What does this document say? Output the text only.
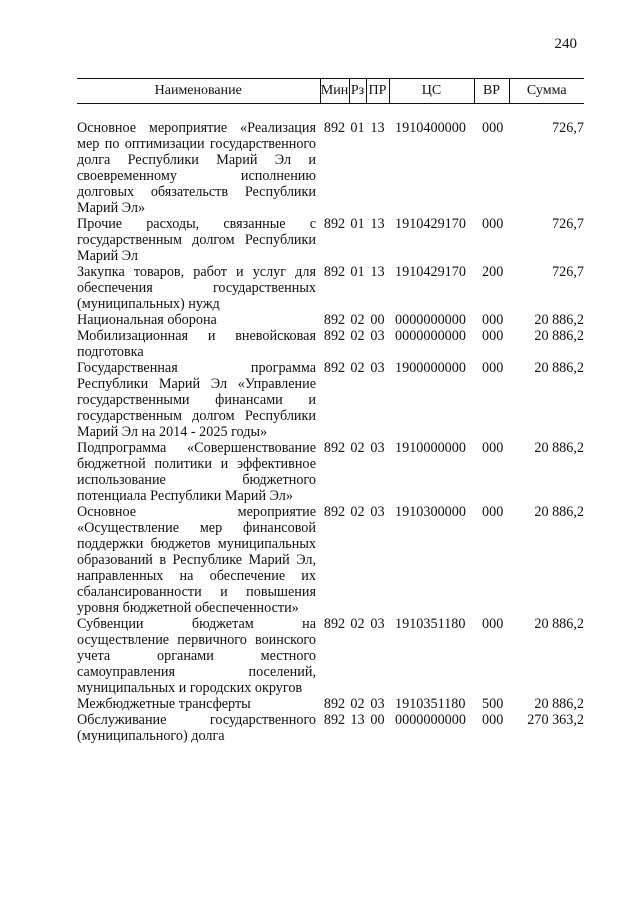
240
Наименование	Мин	Рз	ПР	ЦС	ВР	Сумма

Основное мероприятие «Реализация мер по оптимизации государственного долга Республики Марий Эл и своевременному исполнению долговых обязательств Республики Марий Эл»	892	01	13	1910400000	000	726,7
Прочие расходы, связанные с государственным долгом Республики Марий Эл	892	01	13	1910429170	000	726,7
Закупка товаров, работ и услуг для обеспечения государственных (муниципальных) нужд	892	01	13	1910429170	200	726,7
Национальная оборона	892	02	00	0000000000	000	20 886,2
Мобилизационная и вневойсковая подготовка	892	02	03	0000000000	000	20 886,2
Государственная программа Республики Марий Эл «Управление государственными финансами и государственным долгом Республики Марий Эл на 2014 - 2025 годы»	892	02	03	1900000000	000	20 886,2
Подпрограмма «Совершенствование бюджетной политики и эффективное использование бюджетного потенциала Республики Марий Эл»	892	02	03	1910000000	000	20 886,2
Основное мероприятие «Осуществление мер финансовой поддержки бюджетов муниципальных образований в Республике Марий Эл, направленных на обеспечение их сбалансированности и повышения уровня бюджетной обеспеченности»	892	02	03	1910300000	000	20 886,2
Субвенции бюджетам на осуществление первичного воинского учета органами местного самоуправления поселений, муниципальных и городских округов	892	02	03	1910351180	000	20 886,2
Межбюджетные трансферты	892	02	03	1910351180	500	20 886,2
Обслуживание государственного (муниципального) долга	892	13	00	0000000000	000	270 363,2
